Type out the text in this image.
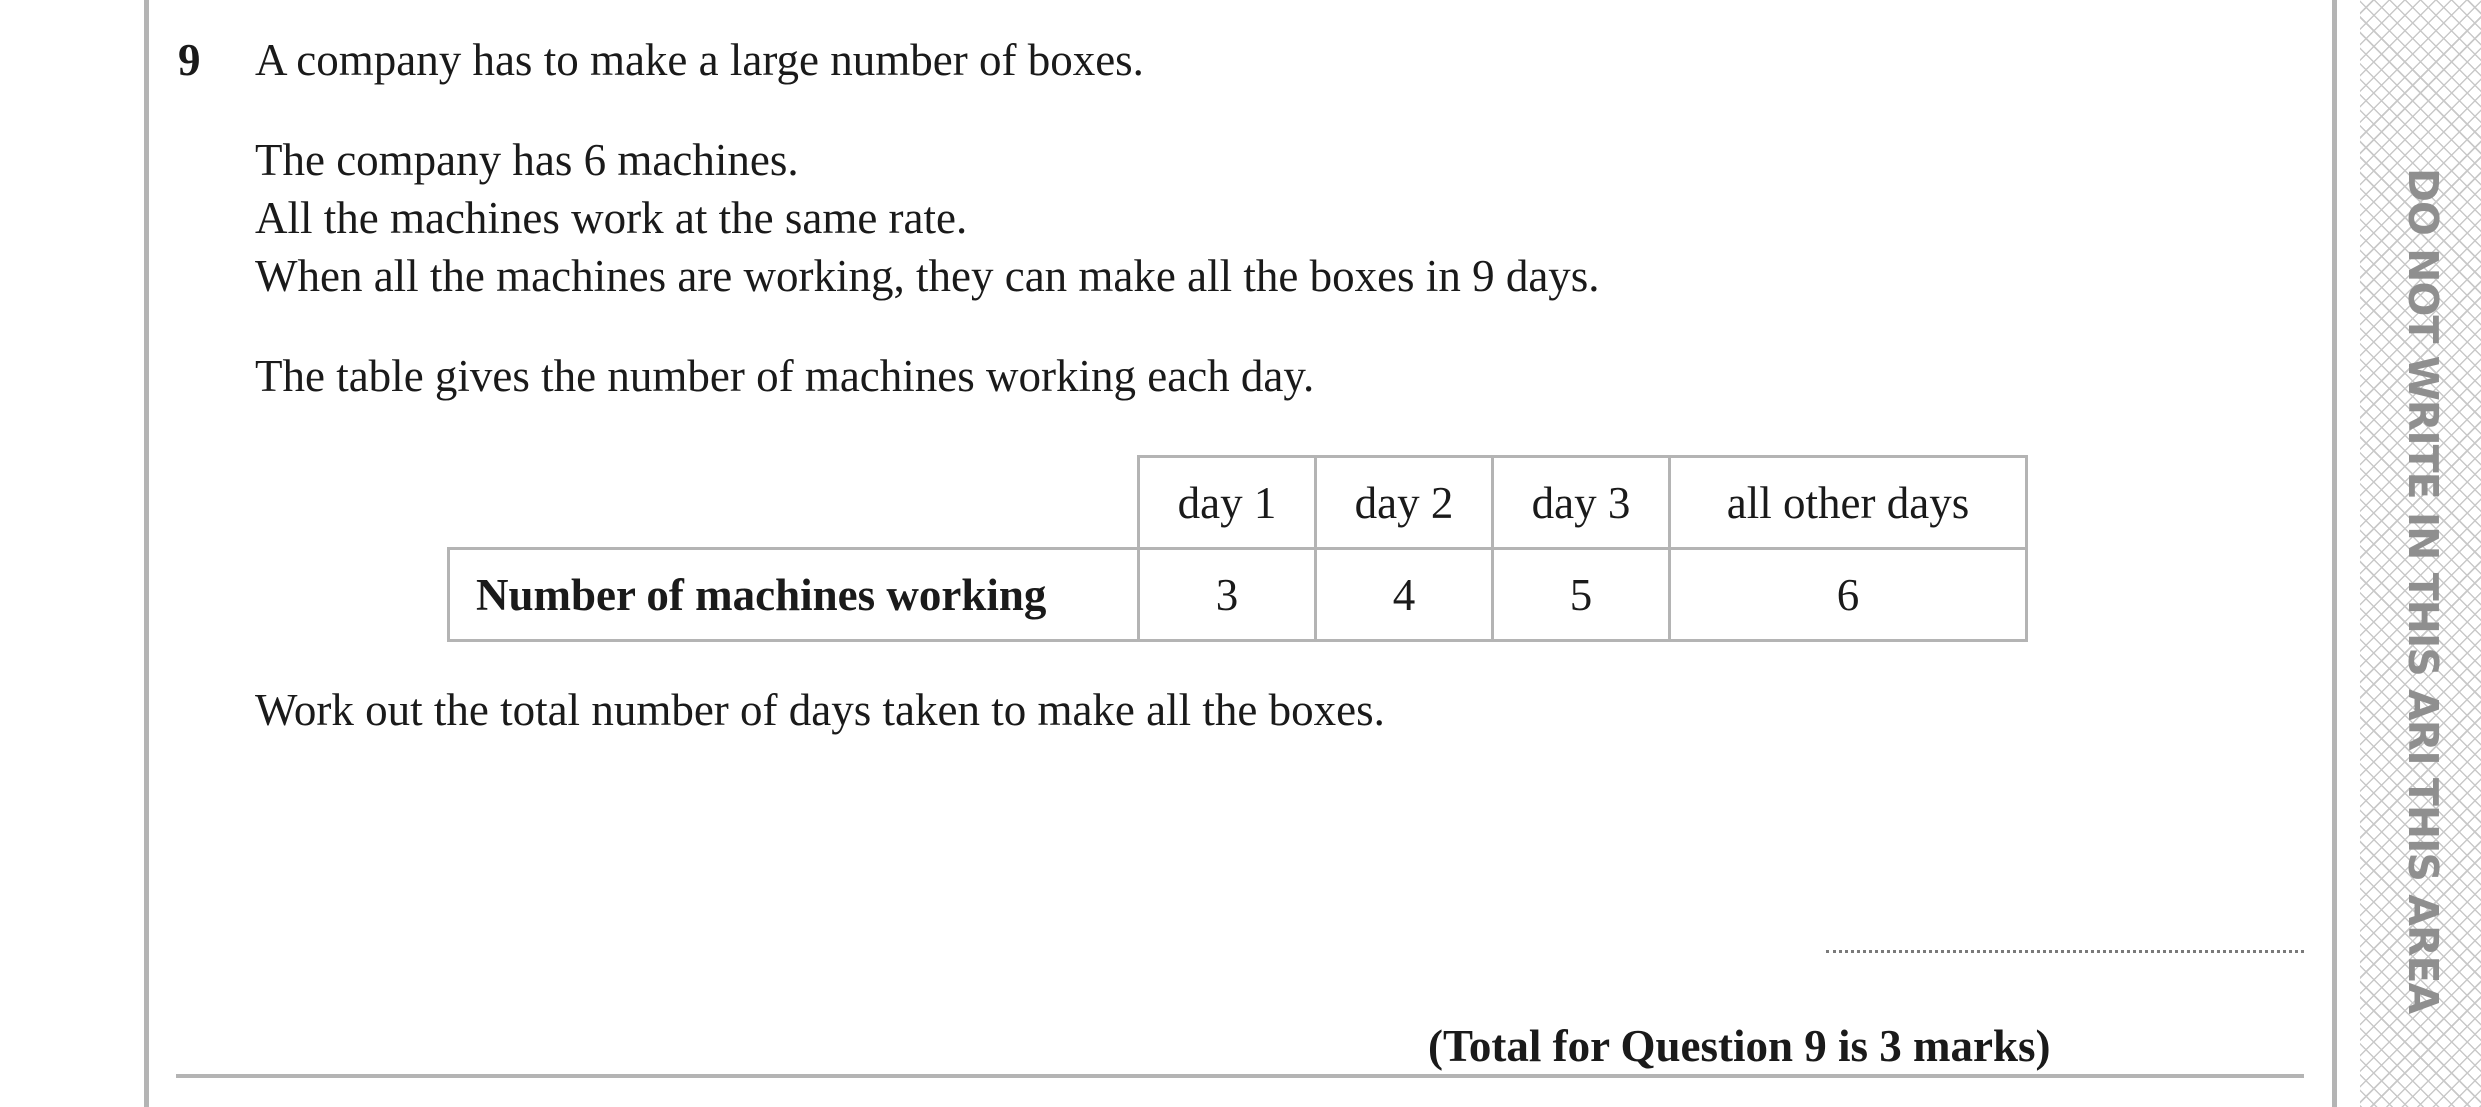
DO NOT WRITE IN THIS ARI THIS AREA
9 A company has to make a large number of boxes.
The company has 6 machines.
All the machines work at the same rate.
When all the machines are working, they can make all the boxes in 9 days.
The table gives the number of machines working each day.
	day 1	day 2	day 3	all other days
Number of machines working	3	4	5	6
Work out the total number of days taken to make all the boxes.
(Total for Question 9 is 3 marks)
